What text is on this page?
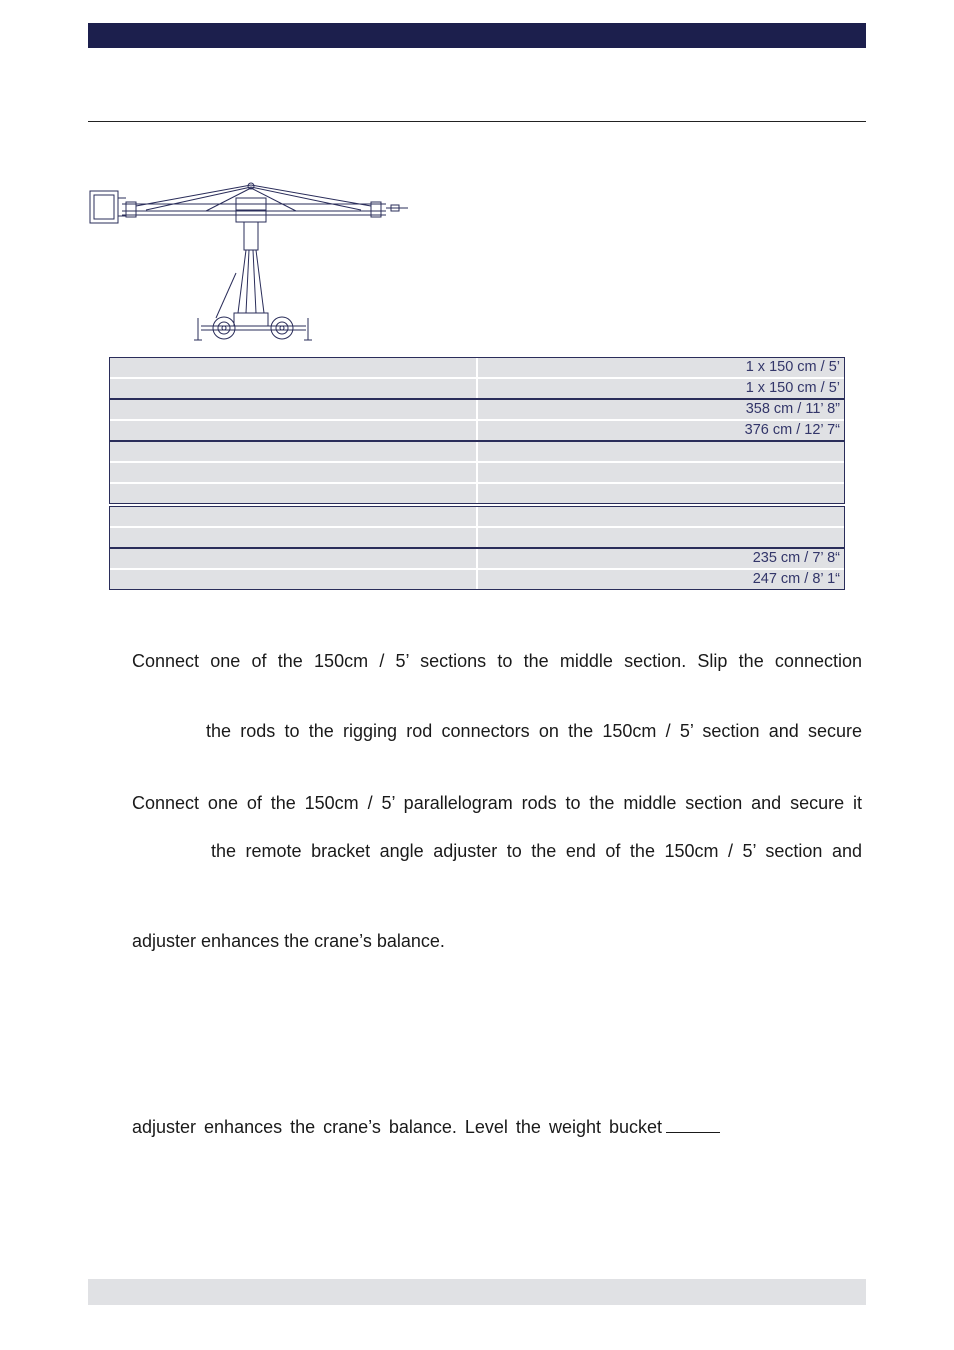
1 x 150 cm / 5’
1 x 150 cm / 5’
358 cm / 11’ 8”
376 cm / 12’ 7“
235 cm / 7’ 8“
247 cm / 8’ 1“
Connect one of the 150cm / 5’ sections to the middle section. Slip the connection
the rods to the rigging rod connectors on the 150cm / 5’ section and secure
Connect one of the 150cm / 5’ parallelogram rods to the middle section and secure it
the remote bracket angle adjuster to the end of the 150cm / 5’ section and
adjuster enhances the crane’s balance.
adjuster enhances the crane’s balance. Level the weight bucket
